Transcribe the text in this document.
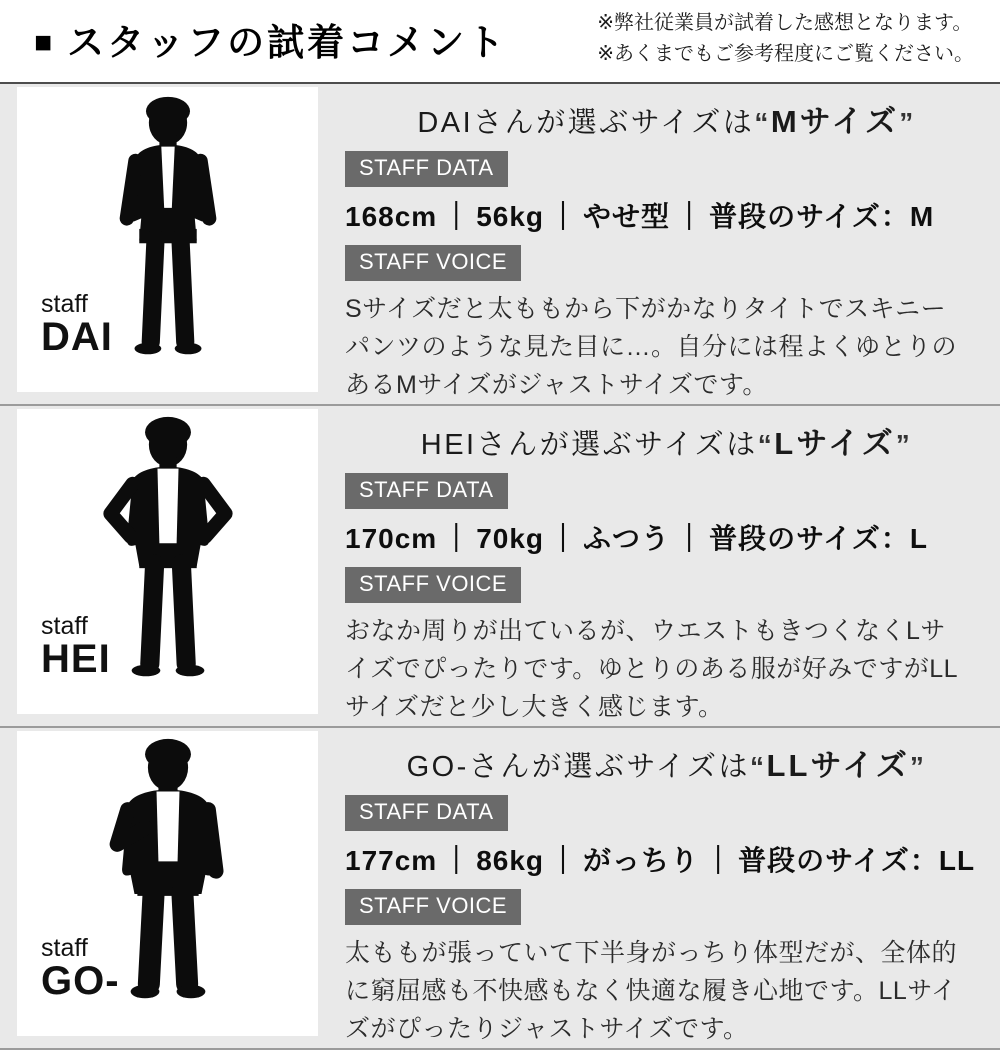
■ スタッフの試着コメント	※弊社従業員が試着した感想となります。
※あくまでもご参考程度にご覧ください。
staff
DAI
DAIさんが選ぶサイズは“Mサイズ”
STAFF DATA
168cm ｜ 56kg ｜ やせ型 ｜ 普段のサイズ：M
STAFF VOICE
Sサイズだと太ももから下がかなりタイトでスキニーパンツのような見た目に…。自分には程よくゆとりのあるMサイズがジャストサイズです。
staff
HEI
HEIさんが選ぶサイズは“Lサイズ”
STAFF DATA
170cm ｜ 70kg ｜ ふつう ｜ 普段のサイズ：L
STAFF VOICE
おなか周りが出ているが、ウエストもきつくなくLサイズでぴったりです。ゆとりのある服が好みですがLLサイズだと少し大きく感じます。
staff
GO-
GO-さんが選ぶサイズは“LLサイズ”
STAFF DATA
177cm ｜ 86kg ｜ がっちり ｜ 普段のサイズ：LL
STAFF VOICE
太ももが張っていて下半身がっちり体型だが、全体的に窮屈感も不快感もなく快適な履き心地です。LLサイズがぴったりジャストサイズです。
